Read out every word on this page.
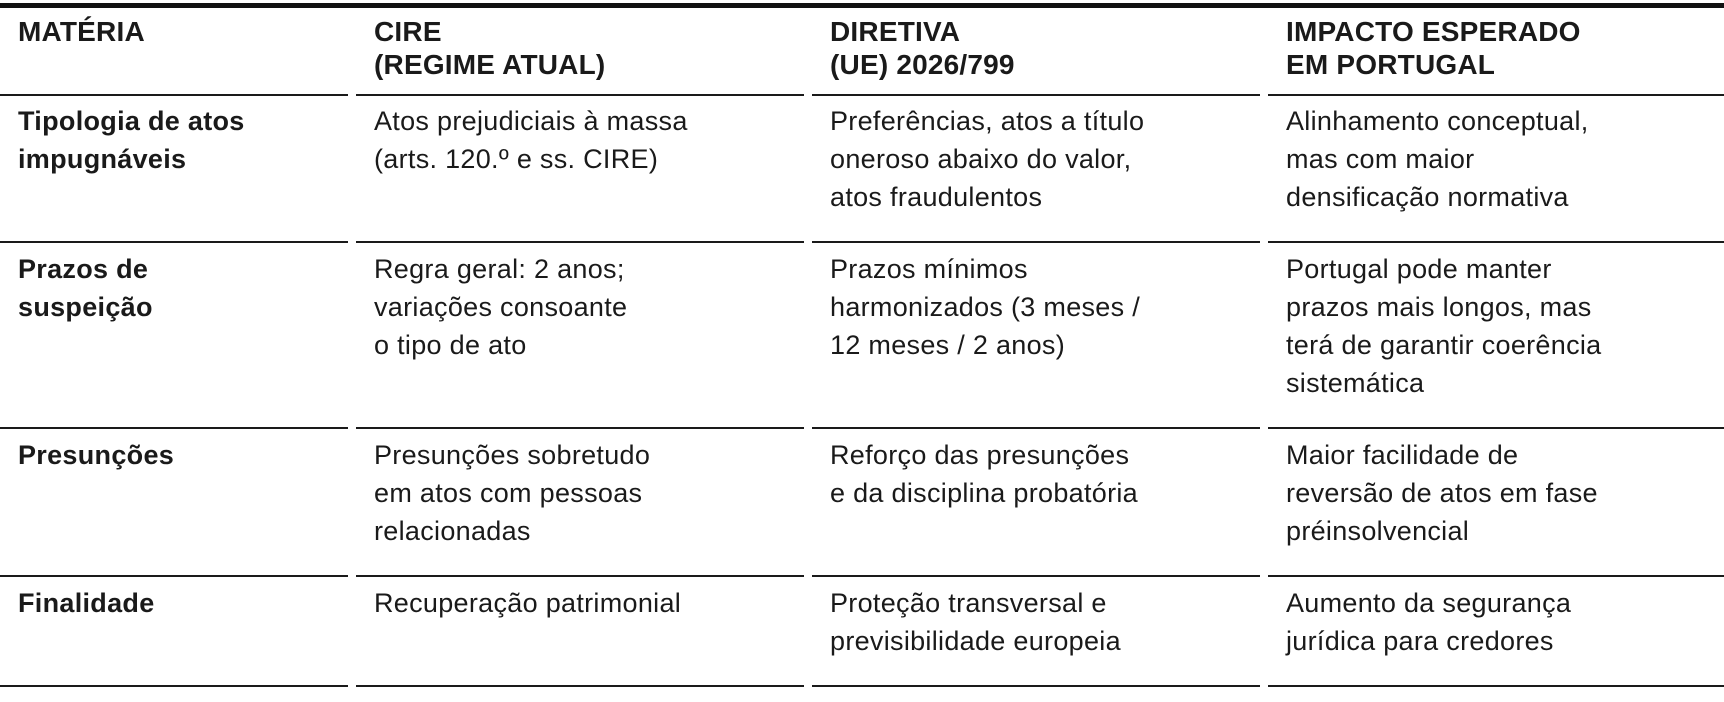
MATÉRIA
Tipologia de atos
impugnáveis
Prazos de
suspeição
Presunções
Finalidade
CIRE
(REGIME ATUAL)
Atos prejudiciais à massa
(arts. 120.º e ss. CIRE)
Regra geral: 2 anos;
variações consoante
o tipo de ato
Presunções sobretudo
em atos com pessoas
relacionadas
Recuperação patrimonial
DIRETIVA
(UE) 2026/799
Preferências, atos a título
oneroso abaixo do valor,
atos fraudulentos
Prazos mínimos
harmonizados (3 meses /
12 meses / 2 anos)
Reforço das presunções
e da disciplina probatória
Proteção transversal e
previsibilidade europeia
IMPACTO ESPERADO
EM PORTUGAL
Alinhamento conceptual,
mas com maior
densificação normativa
Portugal pode manter
prazos mais longos, mas
terá de garantir coerência
sistemática
Maior facilidade de
reversão de atos em fase
préinsolvencial
Aumento da segurança
jurídica para credores
